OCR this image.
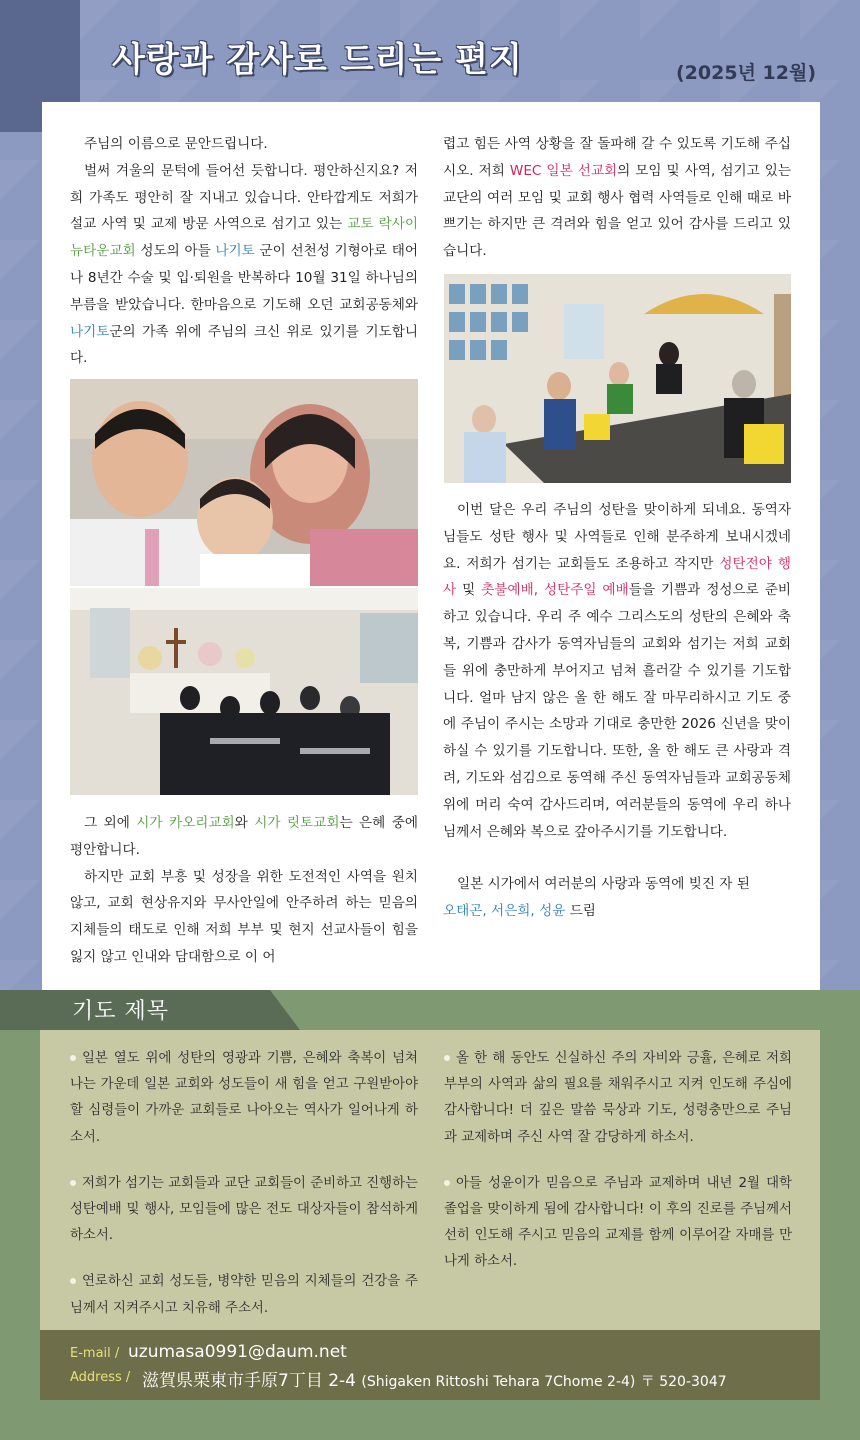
사랑과 감사로 드리는 편지	(2025년 12월)

주님의 이름으로 문안드립니다.

벌써 겨울의 문턱에 들어선 듯합니다. 평안하신지요? 저희 가족도 평안히 잘 지내고 있습니다. 안타깝게도 저희가 설교 사역 및 교제 방문 사역으로 섬기고 있는 교토 락사이뉴타운교회 성도의 아들 나기토 군이 선천성 기형아로 태어나 8년간 수술 및 입·퇴원을 반복하다 10월 31일 하나님의 부름을 받았습니다. 한마음으로 기도해 오던 교회공동체와 나기토군의 가족 위에 주님의 크신 위로 있기를 기도합니다.

그 외에 시가 카오리교회와 시가 릿토교회는 은혜 중에 평안합니다.

하지만 교회 부흥 및 성장을 위한 도전적인 사역을 원치 않고, 교회 현상유지와 무사안일에 안주하려 하는 믿음의 지체들의 태도로 인해 저희 부부 및 현지 선교사들이 힘을 잃지 않고 인내와 담대함으로 이 어

렵고 힘든 사역 상황을 잘 돌파해 갈 수 있도록 기도해 주십시오. 저희 WEC 일본 선교회의 모임 및 사역, 섬기고 있는 교단의 여러 모임 및 교회 행사 협력 사역들로 인해 때로 바쁘기는 하지만 큰 격려와 힘을 얻고 있어 감사를 드리고 있습니다.

이번 달은 우리 주님의 성탄을 맞이하게 되네요. 동역자님들도 성탄 행사 및 사역들로 인해 분주하게 보내시겠네요. 저희가 섬기는 교회들도 조용하고 작지만 성탄전야 행사 및 촛불예배, 성탄주일 예배들을 기쁨과 정성으로 준비하고 있습니다. 우리 주 예수 그리스도의 성탄의 은혜와 축복, 기쁨과 감사가 동역자님들의 교회와 섬기는 저희 교회들 위에 충만하게 부어지고 넘쳐 흘러갈 수 있기를 기도합니다. 얼마 남지 않은 올 한 해도 잘 마무리하시고 기도 중에 주님이 주시는 소망과 기대로 충만한 2026 신년을 맞이하실 수 있기를 기도합니다. 또한, 올 한 해도 큰 사랑과 격려, 기도와 섬김으로 동역해 주신 동역자님들과 교회공동체 위에 머리 숙여 감사드리며, 여러분들의 동역에 우리 하나님께서 은혜와 복으로 갚아주시기를 기도합니다.

일본 시가에서 여러분의 사랑과 동역에 빚진 자 된

오태곤, 서은희, 성윤 드림

기도 제목
일본 열도 위에 성탄의 영광과 기쁨, 은혜와 축복이 넘쳐 나는 가운데 일본 교회와 성도들이 새 힘을 얻고 구원받아야 할 심령들이 가까운 교회들로 나아오는 역사가 일어나게 하소서.
저희가 섬기는 교회들과 교단 교회들이 준비하고 진행하는 성탄예배 및 행사, 모임들에 많은 전도 대상자들이 참석하게 하소서.
연로하신 교회 성도들, 병약한 믿음의 지체들의 건강을 주님께서 지켜주시고 치유해 주소서.
올 한 해 동안도 신실하신 주의 자비와 긍휼, 은혜로 저희 부부의 사역과 삶의 필요를 채워주시고 지켜 인도해 주심에 감사합니다! 더 깊은 말씀 묵상과 기도, 성령충만으로 주님과 교제하며 주신 사역 잘 감당하게 하소서.
아들 성윤이가 믿음으로 주님과 교제하며 내년 2월 대학 졸업을 맞이하게 됨에 감사합니다! 이 후의 진로를 주님께서 선히 인도해 주시고 믿음의 교제를 함께 이루어갈 자매를 만나게 하소서.
E-mail / uzumasa0991@daum.net
Address / 滋賀県栗東市手原7丁目 2-4 (Shigaken Rittoshi Tehara 7Chome 2-4) 〒 520-3047
